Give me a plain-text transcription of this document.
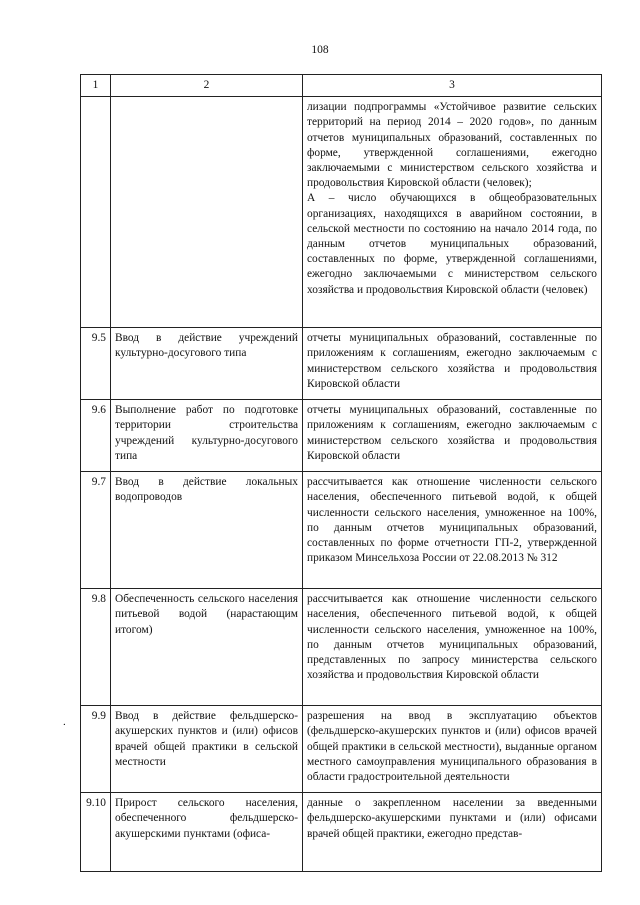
108
.
1	2	3

		лизации подпрограммы «Устойчивое развитие сельских территорий на период 2014 – 2020 годов», по данным отчетов муниципальных образований, составленных по форме, утвержденной соглашениями, ежегодно заключаемыми с министерством сельского хозяйства и продовольствия Кировской области (человек);

А – число обучающихся в общеобразовательных организациях, находящихся в аварийном состоянии, в сельской местности по состоянию на начало 2014 года, по данным отчетов муниципальных образований, составленных по форме, утвержденной соглашениями, ежегодно заключаемыми с министерством сельского хозяйства и продовольствия Кировской области (человек)

9.5	Ввод в действие учреждений культурно-досугового типа	отчеты муниципальных образований, составленные по приложениям к соглашениям, ежегодно заключаемым с министерством сельского хозяйства и продовольствия Кировской области
9.6	Выполнение работ по подготовке территории строительства учреждений культурно-досугового типа	отчеты муниципальных образований, составленные по приложениям к соглашениям, ежегодно заключаемым с министерством сельского хозяйства и продовольствия Кировской области
9.7	Ввод в действие локальных водопроводов	рассчитывается как отношение численности сельского населения, обеспеченного питьевой водой, к общей численности сельского населения, умноженное на 100%, по данным отчетов муниципальных образований, составленных по форме отчетности ГП-2, утвержденной приказом Минсельхоза России от 22.08.2013 № 312
9.8	Обеспеченность сельского населения питьевой водой (нарастающим итогом)	рассчитывается как отношение численности сельского населения, обеспеченного питьевой водой, к общей численности сельского населения, умноженное на 100%, по данным отчетов муниципальных образований, представленных по запросу министерства сельского хозяйства и продовольствия Кировской области
9.9	Ввод в действие фельдшерско-акушерских пунктов и (или) офисов врачей общей практики в сельской местности	разрешения на ввод в эксплуатацию объектов (фельдшерско-акушерских пунктов и (или) офисов врачей общей практики в сельской местности), выданные органом местного самоуправления муниципального образования в области градостроительной деятельности
9.10	Прирост сельского населения, обеспеченного фельдшерско-акушерскими пунктами (офиса-	данные о закрепленном населении за введенными фельдшерско-акушерскими пунктами и (или) офисами врачей общей практики, ежегодно представ-
